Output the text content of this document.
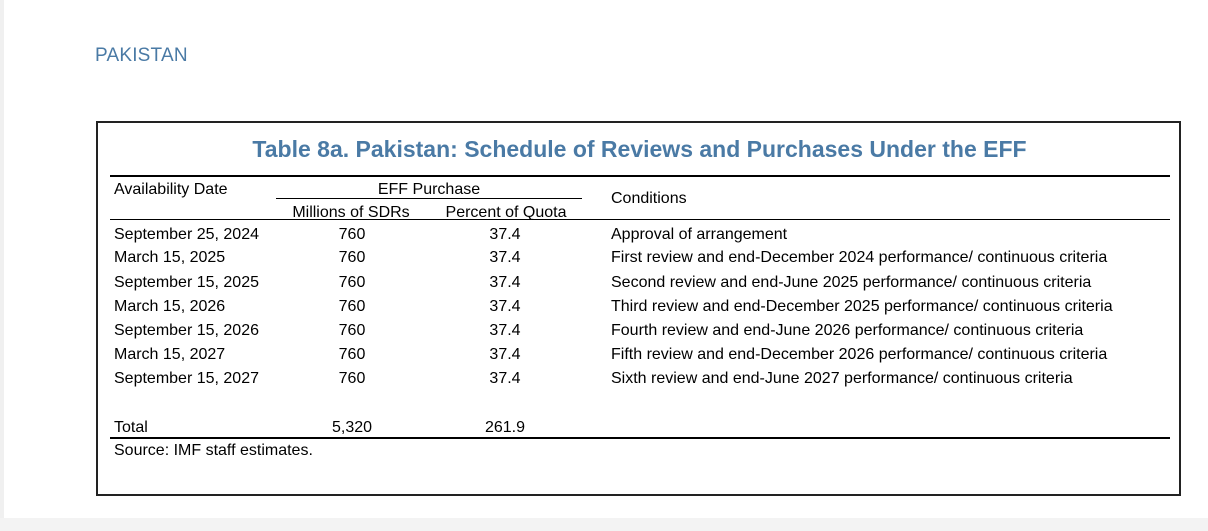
PAKISTAN
Table 8a. Pakistan: Schedule of Reviews and Purchases Under the EFF
Availability Date	EFF Purchase
Millions of SDRs	Percent of Quota
Conditions
September 25, 2024	760	37.4	Approval of arrangement
March 15, 2025	760	37.4	First review and end-December 2024 performance/ continuous criteria
September 15, 2025	760	37.4	Second review and end-June 2025 performance/ continuous criteria
March 15, 2026	760	37.4	Third review and end-December 2025 performance/ continuous criteria
September 15, 2026	760	37.4	Fourth review and end-June 2026 performance/ continuous criteria
March 15, 2027	760	37.4	Fifth review and end-December 2026 performance/ continuous criteria
September 15, 2027	760	37.4	Sixth review and end-June 2027 performance/ continuous criteria
Total	5,320	261.9
Source: IMF staff estimates.
